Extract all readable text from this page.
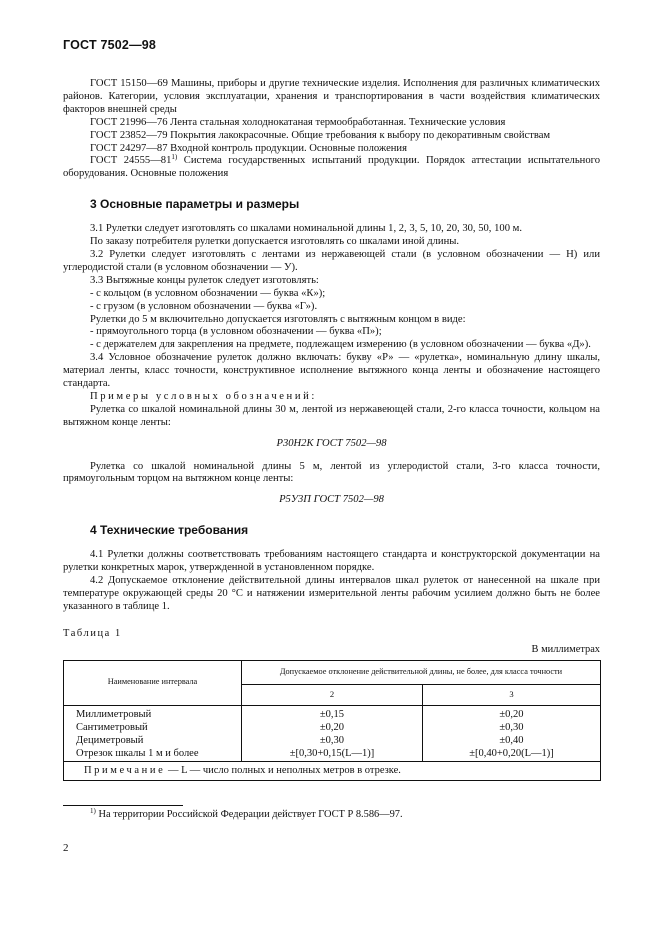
ГОСТ 7502—98

ГОСТ 15150—69 Машины, приборы и другие технические изделия. Исполнения для различных климатических районов. Категории, условия эксплуатации, хранения и транспортирования в части воздействия климатических факторов внешней среды

ГОСТ 21996—76 Лента стальная холоднокатаная термообработанная. Технические условия

ГОСТ 23852—79 Покрытия лакокрасочные. Общие требования к выбору по декоративным свойствам

ГОСТ 24297—87 Входной контроль продукции. Основные положения

ГОСТ 24555—81$^{1)}$ Система государственных испытаний продукции. Порядок аттестации испытательного оборудования. Основные положения

3 Основные параметры и размеры

3.1 Рулетки следует изготовлять со шкалами номинальной длины 1, 2, 3, 5, 10, 20, 30, 50, 100 м.

По заказу потребителя рулетки допускается изготовлять со шкалами иной длины.

3.2 Рулетки следует изготовлять с лентами из нержавеющей стали (в условном обозначении — Н) или углеродистой стали (в условном обозначении — У).

3.3 Вытяжные концы рулеток следует изготовлять:

- с кольцом (в условном обозначении — буква «К»);

- с грузом (в условном обозначении — буква «Г»).

Рулетки до 5 м включительно допускается изготовлять с вытяжным концом в виде:

- прямоугольного торца (в условном обозначении — буква «П»);

- с держателем для закрепления на предмете, подлежащем измерению (в условном обозначении — буква «Д»).

3.4 Условное обозначение рулеток должно включать: букву «Р» — «рулетка», номинальную длину шкалы, материал ленты, класс точности, конструктивное исполнение вытяжного конца ленты и обозначение настоящего стандарта.

Примеры условных обозначений:

Рулетка со шкалой номинальной длины 30 м, лентой из нержавеющей стали, 2-го класса точности, кольцом на вытяжном конце ленты:

Р30Н2К ГОСТ 7502—98

Рулетка со шкалой номинальной длины 5 м, лентой из углеродистой стали, 3-го класса точности, прямоугольным торцом на вытяжном конце ленты:

Р5У3П ГОСТ 7502—98

4 Технические требования

4.1 Рулетки должны соответствовать требованиям настоящего стандарта и конструкторской документации на рулетки конкретных марок, утвержденной в установленном порядке.

4.2 Допускаемое отклонение действительной длины интервалов шкал рулеток от нанесенной на шкале при температуре окружающей среды 20 °С и натяжении измерительной ленты рабочим усилием должно быть не более указанного в таблице 1.

Таблица 1

В миллиметрах

Наименование интервала	Допускаемое отклонение действительной длины, не более, для класса точности	
	2	3
Миллиметровый	±0,15	±0,20
Сантиметровый	±0,20	±0,30
Дециметровый	±0,30	±0,40
Отрезок шкалы 1 м и более	±[0,30+0,15(L—1)]	±[0,40+0,20(L—1)]
Примечание — L — число полных и неполных метров в отрезке.		
$^{1)}$ На территории Российской Федерации действует ГОСТ Р 8.586—97.
2
